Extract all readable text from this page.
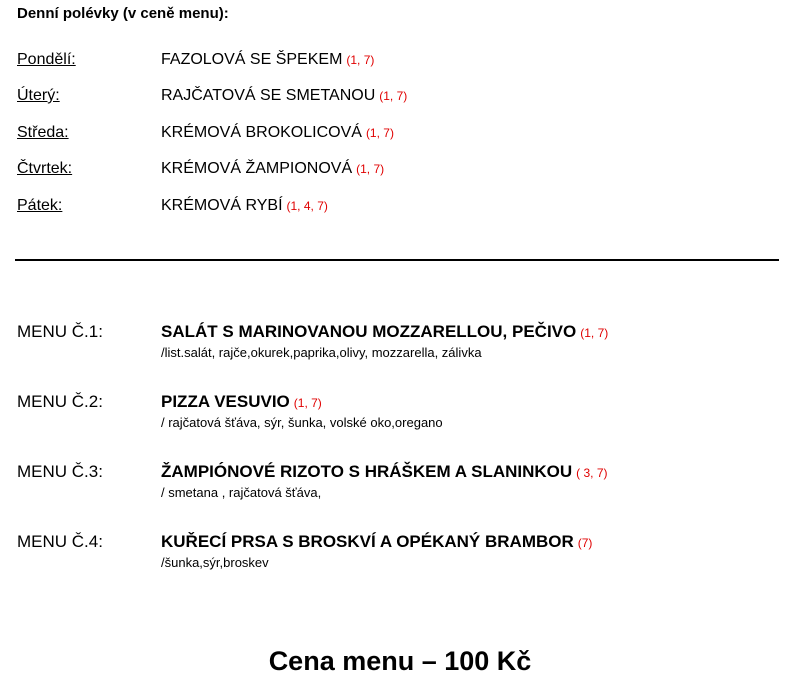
Denní polévky (v ceně menu):
Pondělí:	FAZOLOVÁ SE ŠPEKEM (1, 7)
Úterý:	RAJČATOVÁ SE SMETANOU (1, 7)
Středa:	KRÉMOVÁ BROKOLICOVÁ (1, 7)
Čtvrtek:	KRÉMOVÁ ŽAMPIONOVÁ (1, 7)
Pátek:	KRÉMOVÁ RYBÍ (1, 4, 7)
MENU Č.1:	SALÁT S MARINOVANOU MOZZARELLOU, PEČIVO (1, 7)
/list.salát, rajče,okurek,paprika,olivy, mozzarella, zálivka
MENU Č.2:	PIZZA VESUVIO (1, 7)
/ rajčatová šťáva, sýr, šunka, volské oko,oregano
MENU Č.3:	ŽAMPIÓNOVÉ RIZOTO S HRÁŠKEM A SLANINKOU ( 3, 7)
/ smetana , rajčatová šťáva,
MENU Č.4:	KUŘECÍ PRSA S BROSKVÍ A OPÉKANÝ BRAMBOR (7)
/šunka,sýr,broskev
Cena menu – 100 Kč
